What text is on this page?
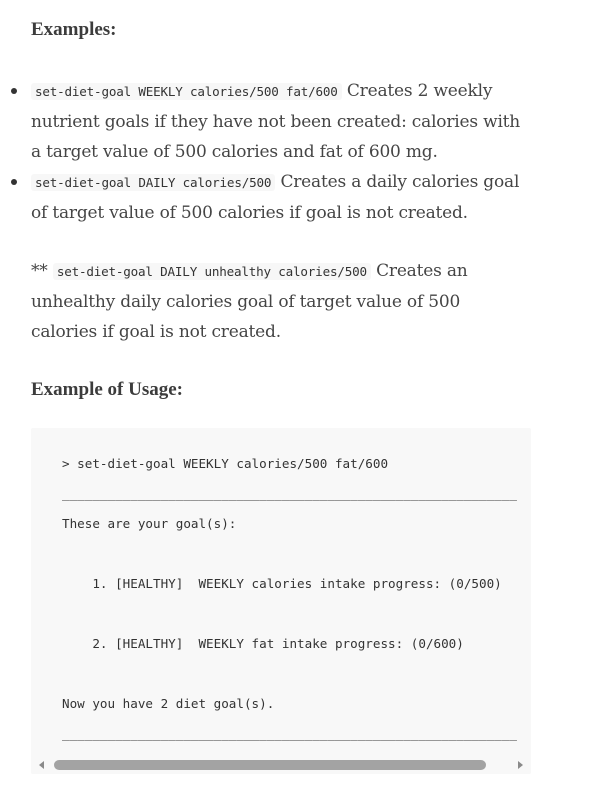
Examples:
set-diet-goal WEEKLY calories/500 fat/600 Creates 2 weekly nutrient goals if they have not been created: calories with a target value of 500 calories and fat of 600 mg.
set-diet-goal DAILY calories/500 Creates a daily calories goal of target value of 500 calories if goal is not created.
** set-diet-goal DAILY unhealthy calories/500 Creates an unhealthy daily calories goal of target value of 500 calories if goal is not created.
Example of Usage:
> set-diet-goal WEEKLY calories/500 fat/600
____________________________________________________________
These are your goal(s):

1. [HEALTHY]  WEEKLY calories intake progress: (0/500)

2. [HEALTHY]  WEEKLY fat intake progress: (0/600)

Now you have 2 diet goal(s).
____________________________________________________________
